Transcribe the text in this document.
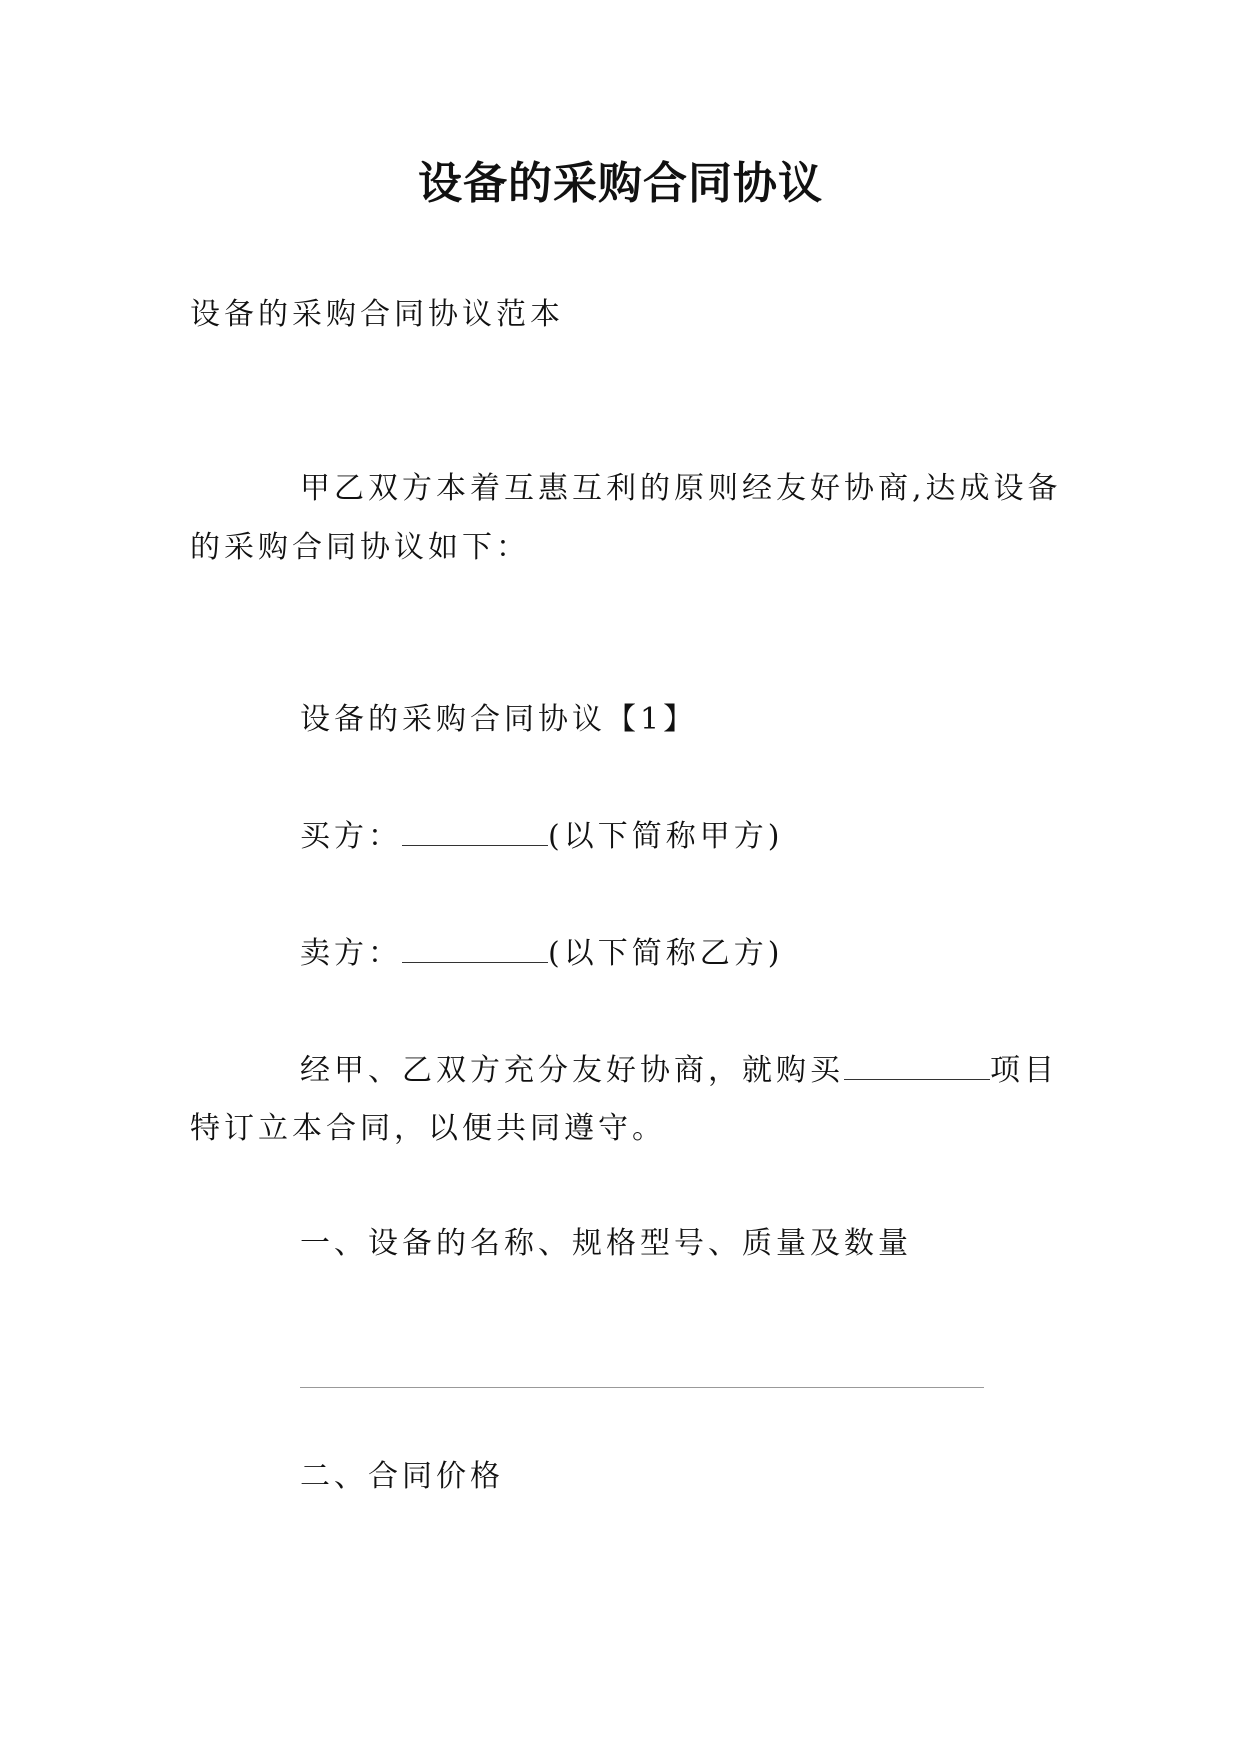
设备的采购合同协议
设备的采购合同协议范本
甲乙双方本着互惠互利的原则经友好协商,达成设备
的采购合同协议如下：
设备的采购合同协议【1】
买方：	(以下简称甲方)
卖方：	(以下简称乙方)
经甲、乙双方充分友好协商，就购买	项目
特订立本合同，以便共同遵守。
一、设备的名称、规格型号、质量及数量
二、合同价格
